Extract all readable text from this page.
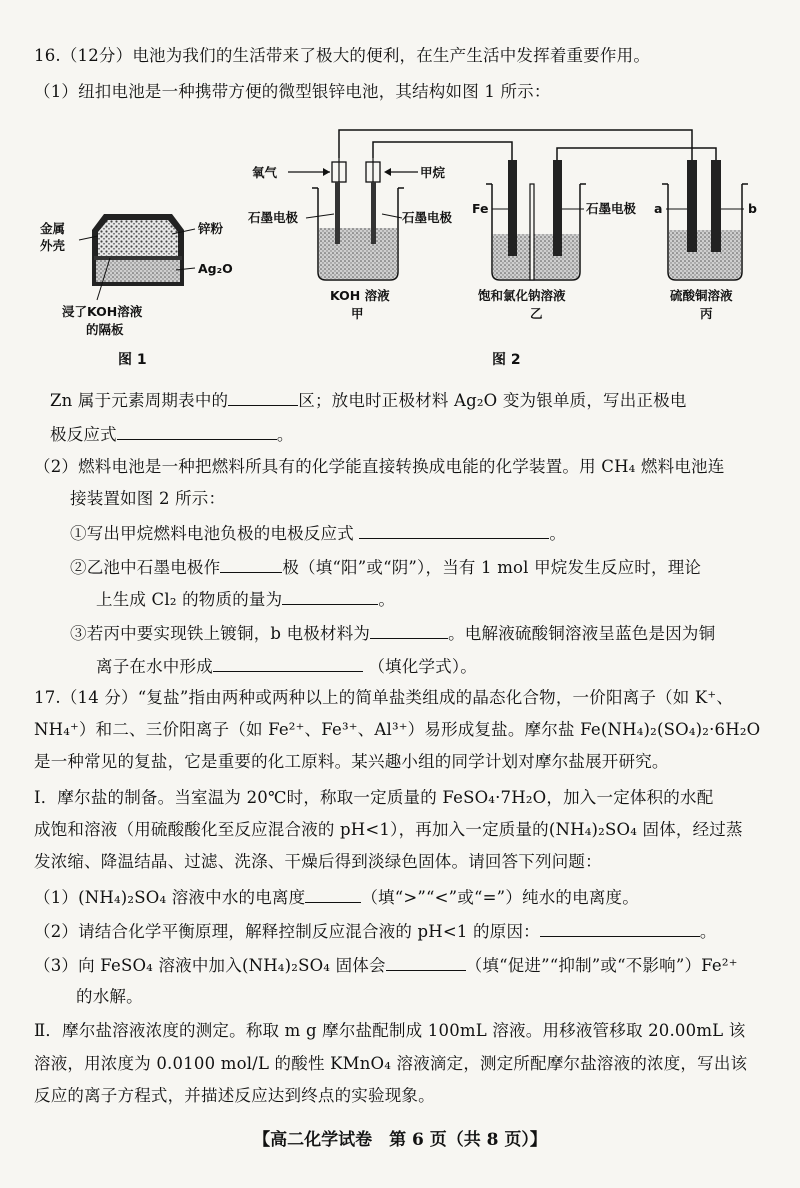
16.（12分）电池为我们的生活带来了极大的便利，在生产生活中发挥着重要作用。
（1）纽扣电池是一种携带方便的微型银锌电池，其结构如图 1 所示：
金属
外壳
锌粉
Ag₂O
浸了KOH溶液
的隔板
图 1
氧气	甲烷
石墨电极	石墨电极
KOH 溶液
甲
Fe	石墨电极
饱和氯化钠溶液
乙
a	b
硫酸铜溶液
丙
图 2
Zn 属于元素周期表中的	区；放电时正极材料 Ag₂O 变为银单质，写出正极电
极反应式	。
（2）燃料电池是一种把燃料所具有的化学能直接转换成电能的化学装置。用 CH₄ 燃料电池连
接装置如图 2 所示：
①写出甲烷燃料电池负极的电极反应式	。
②乙池中石墨电极作	极（填“阳”或“阴”），当有 1 mol 甲烷发生反应时，理论
上生成 Cl₂ 的物质的量为	。
③若丙中要实现铁上镀铜，b 电极材料为	。电解液硫酸铜溶液呈蓝色是因为铜
离子在水中形成	（填化学式）。
17.（14 分）“复盐”指由两种或两种以上的简单盐类组成的晶态化合物，一价阳离子（如 K⁺、
NH₄⁺）和二、三价阳离子（如 Fe²⁺、Fe³⁺、Al³⁺）易形成复盐。摩尔盐 Fe(NH₄)₂(SO₄)₂·6H₂O
是一种常见的复盐，它是重要的化工原料。某兴趣小组的同学计划对摩尔盐展开研究。
Ⅰ．摩尔盐的制备。当室温为 20℃时，称取一定质量的 FeSO₄·7H₂O，加入一定体积的水配
成饱和溶液（用硫酸酸化至反应混合液的 pH<1），再加入一定质量的(NH₄)₂SO₄ 固体，经过蒸
发浓缩、降温结晶、过滤、洗涤、干燥后得到淡绿色固体。请回答下列问题：
（1）(NH₄)₂SO₄ 溶液中水的电离度	（填“>”“<”或“=”）纯水的电离度。
（2）请结合化学平衡原理，解释控制反应混合液的 pH<1 的原因：	。
（3）向 FeSO₄ 溶液中加入(NH₄)₂SO₄ 固体会	（填“促进”“抑制”或“不影响”）Fe²⁺
的水解。
Ⅱ．摩尔盐溶液浓度的测定。称取 m g 摩尔盐配制成 100mL 溶液。用移液管移取 20.00mL 该
溶液，用浓度为 0.0100 mol/L 的酸性 KMnO₄ 溶液滴定，测定所配摩尔盐溶液的浓度，写出该
反应的离子方程式，并描述反应达到终点的实验现象。
【高二化学试卷　第 6 页（共 8 页）】
